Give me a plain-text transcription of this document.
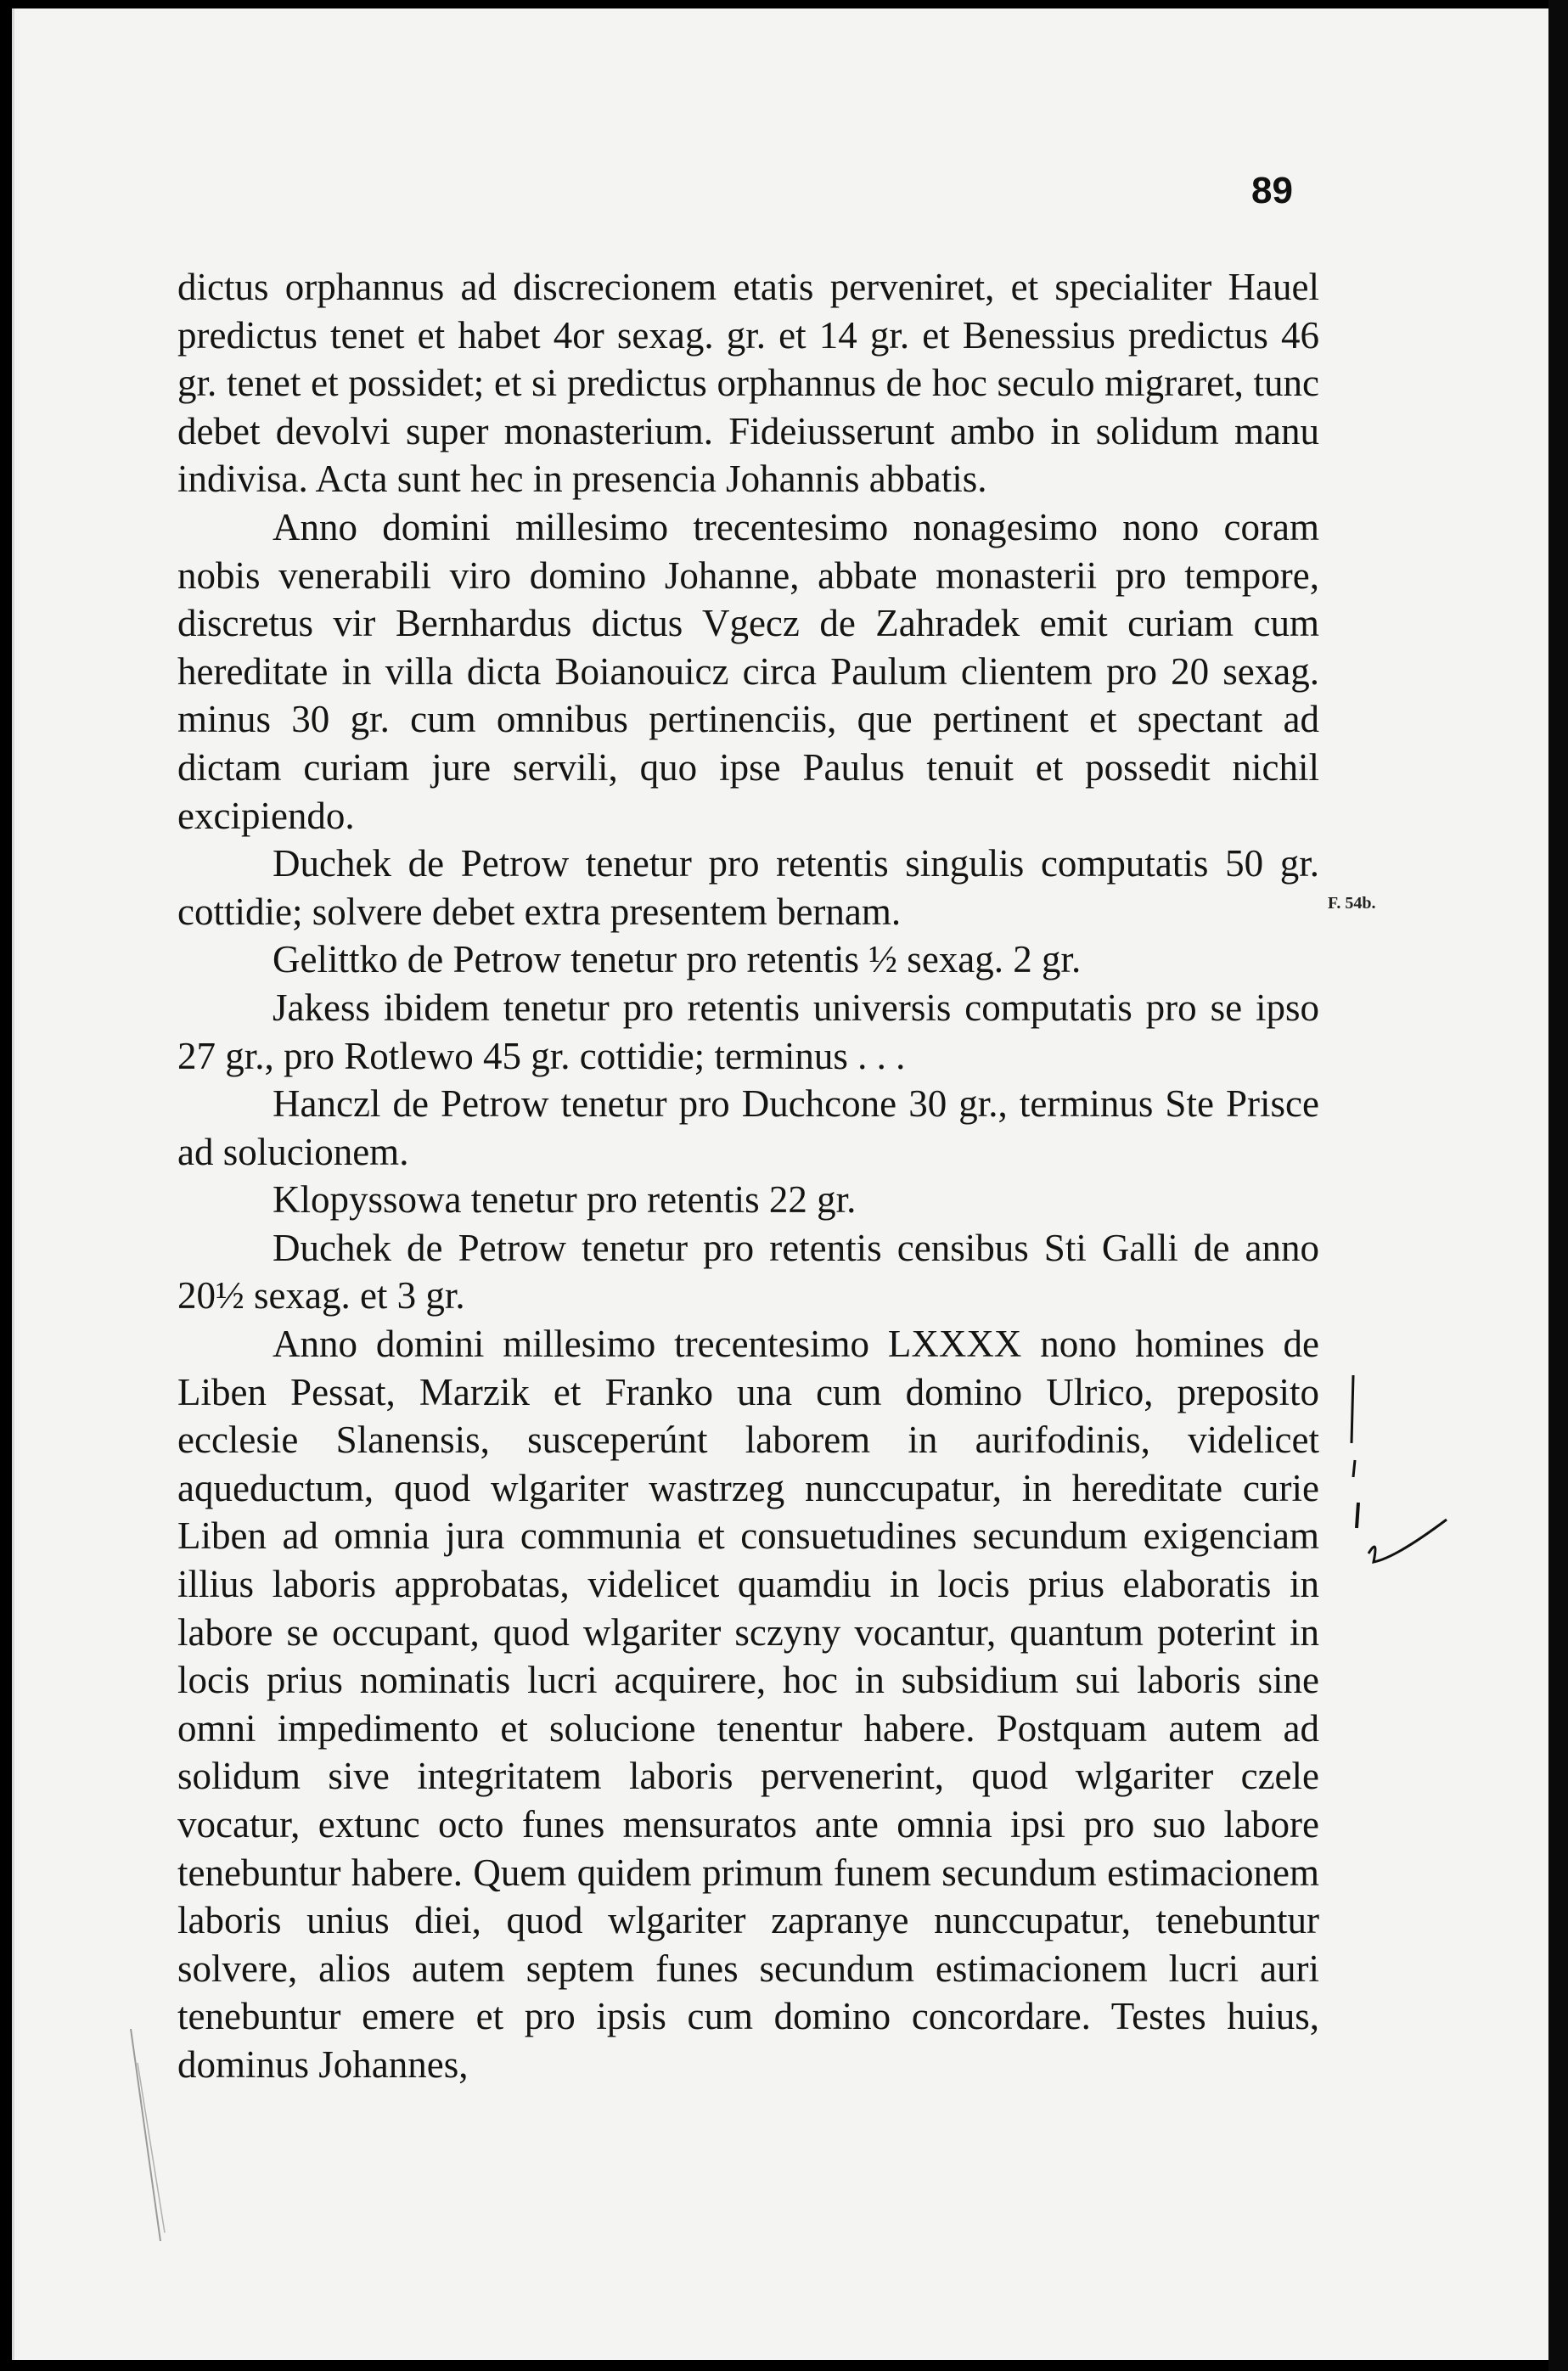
89

dictus orphannus ad discrecionem etatis perveniret, et specialiter Hauel predictus tenet et habet 4or sexag. gr. et 14 gr. et Benessius predictus 46 gr. tenet et possidet; et si predictus orphannus de hoc seculo migraret, tunc debet devolvi super monasterium. Fideiusserunt ambo in solidum manu indivisa. Acta sunt hec in presencia Johannis abbatis.

Anno domini millesimo trecentesimo nonagesimo nono coram nobis venerabili viro domino Johanne, abbate monasterii pro tempore, discretus vir Bernhardus dictus Vgecz de Zahradek emit curiam cum hereditate in villa dicta Boianouicz circa Paulum clientem pro 20 sexag. minus 30 gr. cum omnibus pertinenciis, que pertinent et spectant ad dictam curiam jure servili, quo ipse Paulus tenuit et possedit nichil excipiendo.

Duchek de Petrow tenetur pro retentis singulis computatis 50 gr. cottidie; solvere debet extra presentem bernam.

Gelittko de Petrow tenetur pro retentis ½ sexag. 2 gr.

Jakess ibidem tenetur pro retentis universis computatis pro se ipso 27 gr., pro Rotlewo 45 gr. cottidie; terminus . . .

Hanczl de Petrow tenetur pro Duchcone 30 gr., terminus Ste Prisce ad solucionem.

Klopyssowa tenetur pro retentis 22 gr.

Duchek de Petrow tenetur pro retentis censibus Sti Galli de anno 20½ sexag. et 3 gr.

Anno domini millesimo trecentesimo LXXXX nono homines de Liben Pessat, Marzik et Franko una cum domino Ulrico, preposito ecclesie Slanensis, susceperúnt laborem in aurifodinis, videlicet aqueductum, quod wlgariter wastrzeg nunccupatur, in hereditate curie Liben ad omnia jura communia et consuetudines secundum exigenciam illius laboris approbatas, videlicet quamdiu in locis prius elaboratis in labore se occupant, quod wlgariter sczyny vocantur, quantum poterint in locis prius nominatis lucri acquirere, hoc in subsidium sui laboris sine omni impedimento et solucione tenentur habere. Postquam autem ad solidum sive integritatem laboris pervenerint, quod wlgariter czele vocatur, extunc octo funes mensuratos ante omnia ipsi pro suo labore tenebuntur habere. Quem quidem primum funem secundum estimacionem laboris unius diei, quod wlgariter zapranye nunccupatur, tenebuntur solvere, alios autem septem funes secundum estimacionem lucri auri tenebuntur emere et pro ipsis cum domino concordare. Testes huius, dominus Johannes,

F. 54b.
